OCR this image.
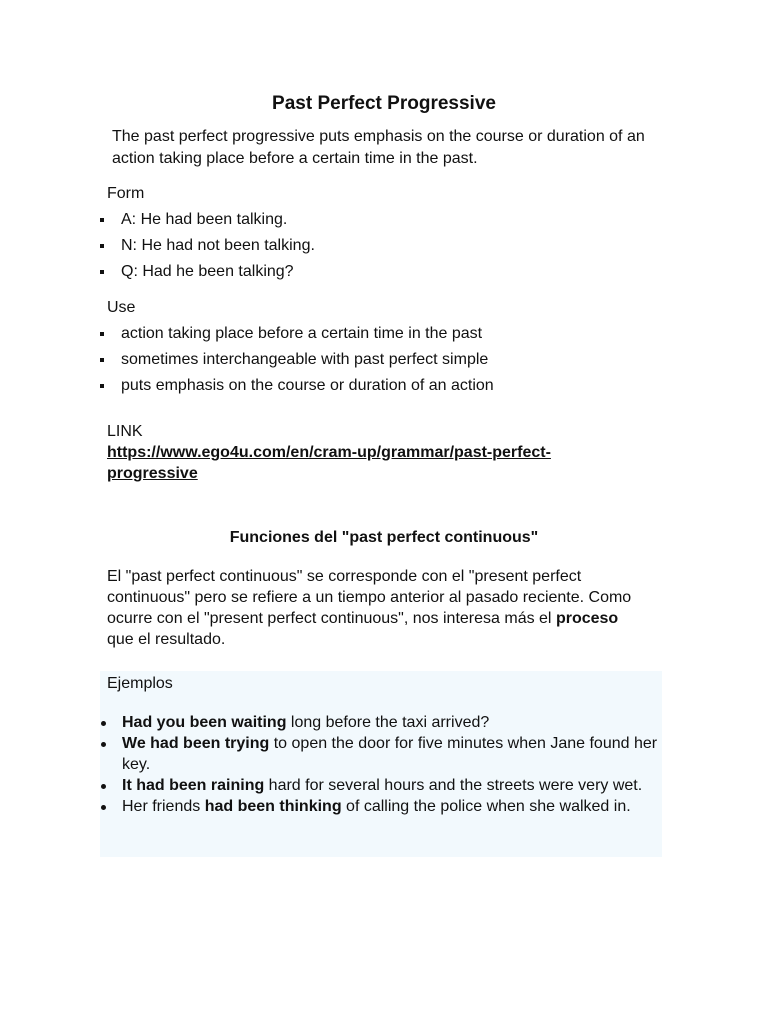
Past Perfect Progressive

The past perfect progressive puts emphasis on the course or duration of an action taking place before a certain time in the past.

Form
A: He had been talking.
N: He had not been talking.
Q: Had he been talking?
Use
action taking place before a certain time in the past
sometimes interchangeable with past perfect simple
puts emphasis on the course or duration of an action
LINK
https://www.ego4u.com/en/cram-up/grammar/past-perfect-progressive
Funciones del "past perfect continuous"

El "past perfect continuous" se corresponde con el "present perfect continuous" pero se refiere a un tiempo anterior al pasado reciente. Como ocurre con el "present perfect continuous", nos interesa más el proceso que el resultado.

Ejemplos
Had you been waiting long before the taxi arrived?
We had been trying to open the door for five minutes when Jane found her key.
It had been raining hard for several hours and the streets were very wet.
Her friends had been thinking of calling the police when she walked in.
